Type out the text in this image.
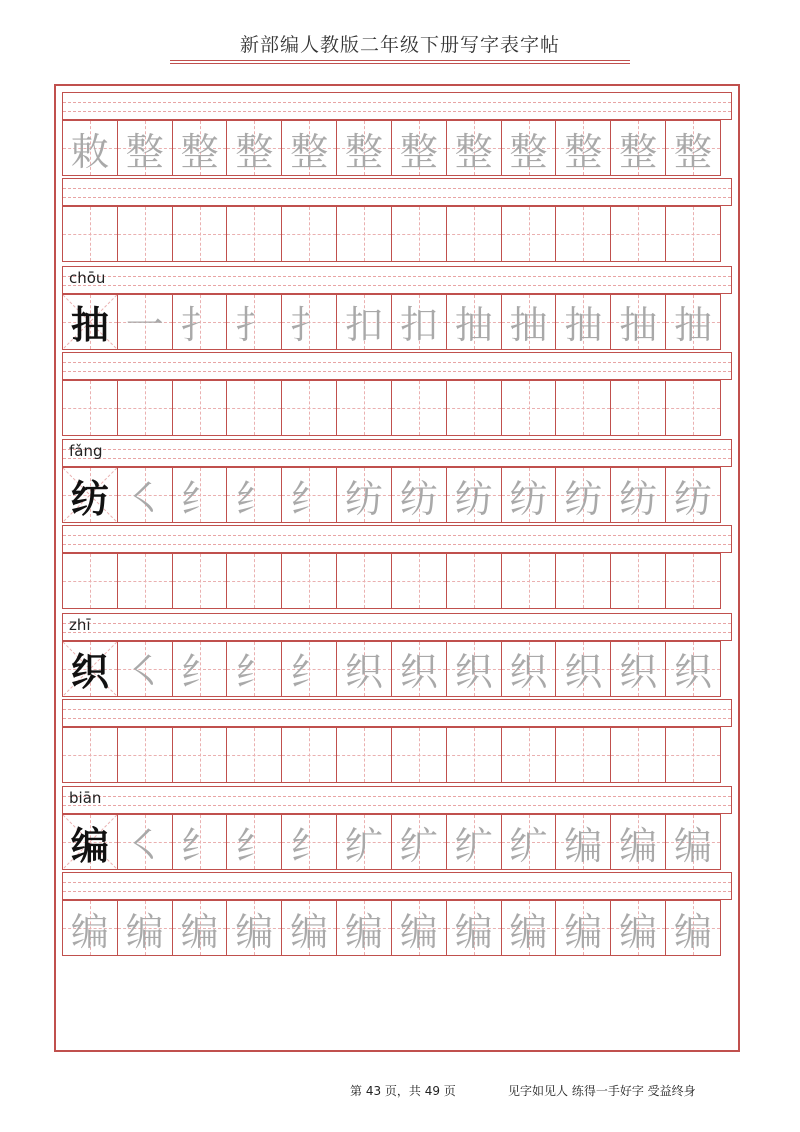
新部编人教版二年级下册写字表字帖
敕 整 整 整 整 整 整 整 整 整 整 整
chōu
抽 一 扌 扌 扌 扣 扣 抽 抽 抽 抽 抽
fǎng
纺 ㇛ 纟 纟 纟 纺 纺 纺 纺 纺 纺 纺
zhī
织 ㇛ 纟 纟 纟 织 织 织 织 织 织 织
biān
编 ㇛ 纟 纟 纟 纩 纩 纩 纩 编 编 编
编 编 编 编 编 编 编 编 编 编 编 编
第 43 页，共 49 页	见字如见人 练得一手好字 受益终身
